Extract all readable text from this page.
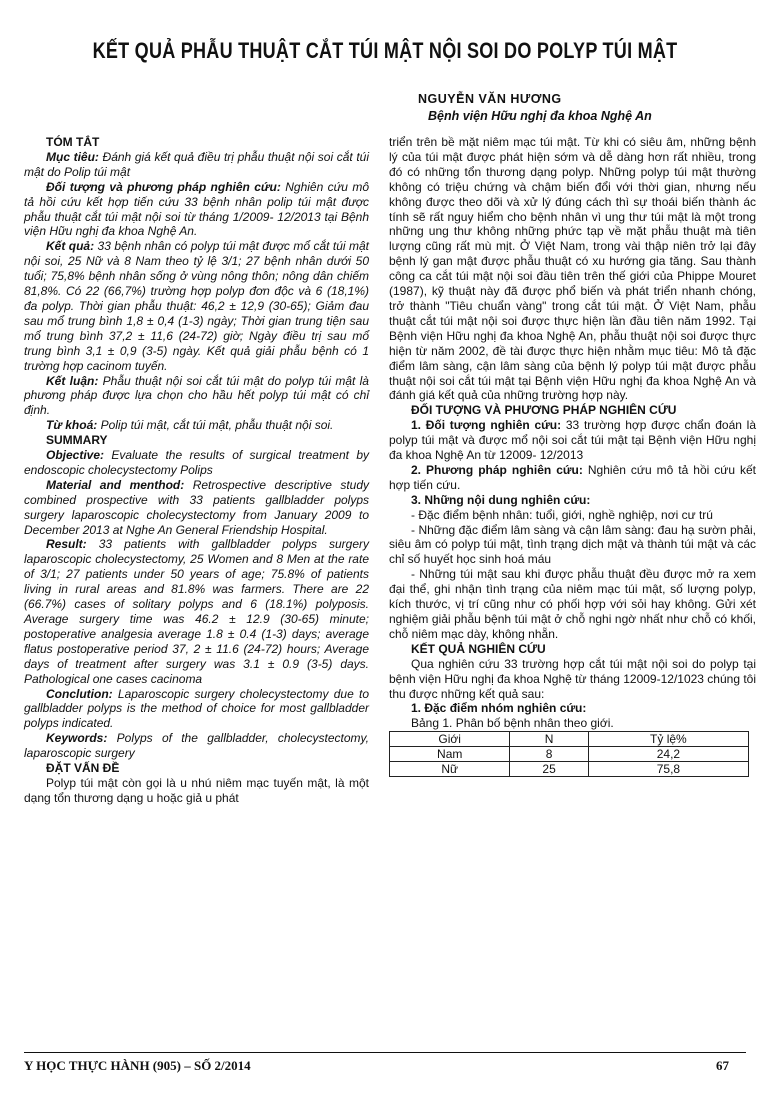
KẾT QUẢ PHẪU THUẬT CẮT TÚI MẬT NỘI SOI DO POLYP TÚI MẬT
NGUYỄN VĂN HƯƠNG
Bệnh viện Hữu nghị đa khoa Nghệ An

TÓM TẮT

Mục tiêu: Đánh giá kết quả điều trị phẫu thuật nội soi cắt túi mật do Polip túi mật

Đối tượng và phương pháp nghiên cứu: Nghiên cứu mô tả hồi cứu kết hợp tiến cứu 33 bệnh nhân polip túi mật được phẫu thuật cắt túi mật nội soi từ tháng 1/2009- 12/2013 tại Bệnh viện Hữu nghị đa khoa Nghệ An.

Kết quả: 33 bệnh nhân có polyp túi mật được mổ cắt túi mật nội soi, 25 Nữ và 8 Nam theo tỷ lệ 3/1; 27 bệnh nhân dưới 50 tuổi; 75,8% bệnh nhân sống ở vùng nông thôn; nông dân chiếm 81,8%. Có 22 (66,7%) trường hợp polyp đơn độc và 6 (18,1%) đa polyp. Thời gian phẫu thuật: 46,2 ± 12,9 (30-65); Giảm đau sau mổ trung bình 1,8 ± 0,4 (1-3) ngày; Thời gian trung tiện sau mổ trung bình 37,2 ± 11,6 (24-72) giờ; Ngày điều trị sau mổ trung bình 3,1 ± 0,9 (3-5) ngày. Kết quả giải phẫu bệnh có 1 trường hợp cacinom tuyến.

Kết luận: Phẫu thuật nội soi cắt túi mật do polyp túi mật là phương pháp được lựa chọn cho hầu hết polyp túi mật có chỉ định.

Từ khoá: Polip túi mật, cắt túi mật, phẫu thuật nội soi.

SUMMARY

Objective: Evaluate the results of surgical treatment by endoscopic cholecystectomy Polips

Material and menthod: Retrospective descriptive study combined prospective with 33 patients gallbladder polyps surgery laparoscopic cholecystectomy from January 2009 to December 2013 at Nghe An General Friendship Hospital.

Result: 33 patients with gallbladder polyps surgery laparoscopic cholecystectomy, 25 Women and 8 Men at the rate of 3/1; 27 patients under 50 years of age; 75.8% of patients living in rural areas and 81.8% was farmers. There are 22 (66.7%) cases of solitary polyps and 6 (18.1%) polyposis. Average surgery time was 46.2 ± 12.9 (30-65) minute; postoperative analgesia average 1.8 ± 0.4 (1-3) days; average flatus postoperative period 37, 2 ± 11.6 (24-72) hours; Average days of treatment after surgery was 3.1 ± 0.9 (3-5) days. Pathological one cases cacinoma

Conclution: Laparoscopic surgery cholecystectomy due to gallbladder polyps is the method of choice for most gallbladder polyps indicated.

Keywords: Polyps of the gallbladder, cholecystectomy, laparoscopic surgery

ĐẶT VẤN ĐỀ

Polyp túi mật còn gọi là u nhú niêm mạc tuyến mật, là một dạng tổn thương dạng u hoặc giả u phát

triển trên bề mặt niêm mạc túi mật. Từ khi có siêu âm, những bệnh lý của túi mật được phát hiện sớm và dễ dàng hơn rất nhiều, trong đó có những tổn thương dạng polyp. Những polyp túi mật thường không có triệu chứng và chậm biến đổi với thời gian, nhưng nếu không được theo dõi và xử lý đúng cách thì sự thoái biến thành ác tính sẽ rất nguy hiểm cho bệnh nhân vì ung thư túi mật là một trong những ung thư không những phức tạp về mặt phẫu thuật mà tiên lượng cũng rất mù mịt. Ở Việt Nam, trong vài thập niên trở lại đây bệnh lý gan mật được phẫu thuật có xu hướng gia tăng. Sau thành công ca cắt túi mật nội soi đầu tiên trên thế giới của Phippe Mouret (1987), kỹ thuật này đã được phổ biến và phát triển nhanh chóng, trở thành "Tiêu chuẩn vàng" trong cắt túi mật. Ở Việt Nam, phẫu thuật cắt túi mật nội soi được thực hiện lần đầu tiên năm 1992. Tại Bệnh viện Hữu nghị đa khoa Nghệ An, phẫu thuật nội soi được thực hiện từ năm 2002, đề tài được thực hiện nhằm mục tiêu: Mô tả đặc điểm lâm sàng, cận lâm sàng của bệnh lý polyp túi mật được phẫu thuật nội soi cắt túi mật tại Bệnh viện Hữu nghị đa khoa Nghệ An và đánh giá kết quả của những trường hợp này.

ĐỐI TƯỢNG VÀ PHƯƠNG PHÁP NGHIÊN CỨU

1. Đối tượng nghiên cứu: 33 trường hợp được chẩn đoán là polyp túi mật và được mổ nội soi cắt túi mật tại Bệnh viện Hữu nghị đa khoa Nghệ An từ 12009- 12/2013

2. Phương pháp nghiên cứu: Nghiên cứu mô tả hồi cứu kết hợp tiến cứu.

3. Những nội dung nghiên cứu:

- Đặc điểm bệnh nhân: tuổi, giới, nghề nghiệp, nơi cư trú

- Những đặc điểm lâm sàng và cận lâm sàng: đau hạ sườn phải, siêu âm có polyp túi mật, tình trạng dịch mật và thành túi mật và các chỉ số huyết học sinh hoá máu

- Những túi mật sau khi được phẫu thuật đều được mở ra xem đại thể, ghi nhận tình trạng của niêm mạc túi mật, số lượng polyp, kích thước, vị trí cũng như có phối hợp với sỏi hay không. Gửi xét nghiệm giải phẫu bệnh túi mật ở chỗ nghi ngờ nhất như chỗ có khối, chỗ niêm mạc dày, không nhẵn.

KẾT QUẢ NGHIÊN CỨU

Qua nghiên cứu 33 trường hợp cắt túi mật nội soi do polyp tại bệnh viện Hữu nghị đa khoa Nghệ từ tháng 12009-12/1023 chúng tôi thu được những kết quả sau:

1. Đặc điểm nhóm nghiên cứu:

Bảng 1. Phân bố bệnh nhân theo giới.

Giới	N	Tỷ lệ%
Nam	8	24,2
Nữ	25	75,8
Y HỌC THỰC HÀNH (905) – SỐ 2/2014	67
